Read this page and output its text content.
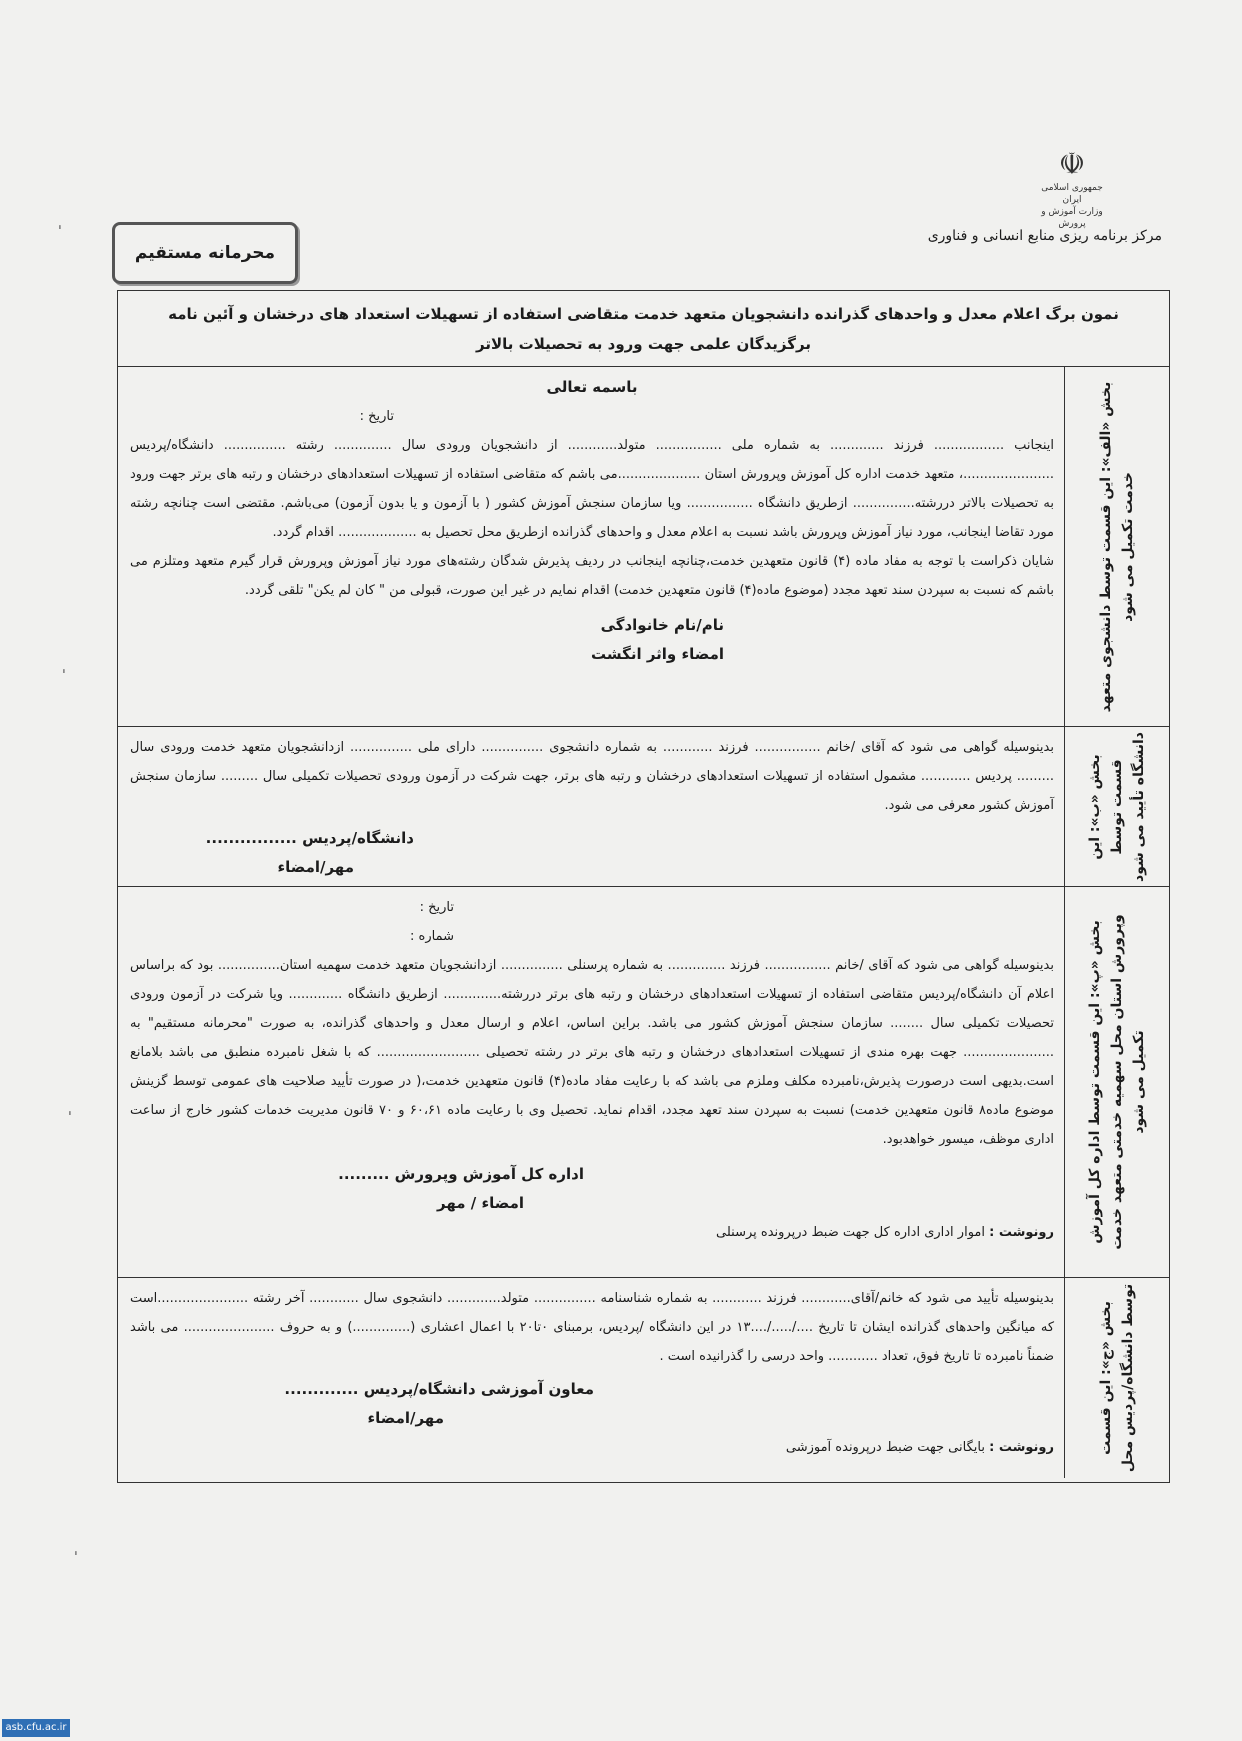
☫
جمهوری اسلامی ایران
وزارت آموزش و پرورش
مرکز برنامه ریزی منابع انسانی و فناوری
محرمانه مستقیم
ˈ
ˈ
ˈ
ˈ
نمون برگ اعلام معدل و واحدهای گذرانده دانشجویان متعهد خدمت متقاضی استفاده از تسهیلات استعداد های درخشان و آئین نامه برگزیدگان علمی جهت ورود به تحصیلات بالاتر
بخش «الف»: این قسمت توسط دانشجوی متعهد خدمت تکمیل می شود

باسمه تعالی

تاریخ :

اینجانب ................. فرزند ............. به شماره ملی ................ متولد............ از دانشجویان ورودی سال .............. رشته ............... دانشگاه/پردیس ......................، متعهد خدمت اداره کل آموزش وپرورش استان ....................می باشم که متقاضی استفاده از تسهیلات استعدادهای درخشان و رتبه های برتر جهت ورود به تحصیلات بالاتر دررشته............... ازطریق دانشگاه ................ ویا سازمان سنجش آموزش کشور ( با آزمون و یا بدون آزمون) می‌باشم. مقتضی است چنانچه رشته مورد تقاضا اینجانب، مورد نیاز آموزش وپرورش باشد نسبت به اعلام معدل و واحدهای گذرانده ازطریق محل تحصیل به ................... اقدام گردد.

شایان ذکراست با توجه به مفاد ماده (۴) قانون متعهدین خدمت،چنانچه اینجانب در ردیف پذیرش شدگان رشته‌های مورد نیاز آموزش وپرورش قرار گیرم متعهد ومتلزم می باشم که نسبت به سپردن سند تعهد مجدد (موضوع ماده(۴) قانون متعهدین خدمت) اقدام نمایم در غیر این صورت، قبولی من " کان لم یکن" تلقی گردد.

نام/نام خانوادگی

امضاء واثر انگشت

بخش «ب»: این قسمت توسط دانشگاه تأیید می شود

بدینوسیله گواهی می شود که آقای /خانم ................ فرزند ............ به شماره دانشجوی ............... دارای ملی ............... ازدانشجویان متعهد خدمت ورودی سال ......... پردیس ............ مشمول استفاده از تسهیلات استعدادهای درخشان و رتبه های برتر، جهت شرکت در آزمون ورودی تحصیلات تکمیلی سال ......... سازمان سنجش آموزش کشور معرفی می شود.

دانشگاه/پردیس ................

مهر/امضاء

بخش «پ»: این قسمت توسط اداره کل آموزش وپرورش استان محل سهمیه خدمتی متعهد خدمت تکمیل می شود

تاریخ :

شماره :

بدینوسیله گواهی می شود که آقای /خانم ................ فرزند .............. به شماره پرسنلی ............... ازدانشجویان متعهد خدمت سهمیه استان............... بود که براساس اعلام آن دانشگاه/پردیس متقاضی استفاده از تسهیلات استعدادهای درخشان و رتبه های برتر دررشته.............. ازطریق دانشگاه ............. ویا شرکت در آزمون ورودی تحصیلات تکمیلی سال ........ سازمان سنجش آموزش کشور می باشد. براین اساس، اعلام و ارسال معدل و واحدهای گذرانده، به صورت "محرمانه مستقیم" به ...................... جهت بهره مندی از تسهیلات استعدادهای درخشان و رتبه های برتر در رشته تحصیلی ......................... که با شغل نامبرده منطبق می باشد بلامانع است.بدیهی است درصورت پذیرش،نامبرده مکلف وملزم می باشد که با رعایت مفاد ماده(۴) قانون متعهدین خدمت،( در صورت تأیید صلاحیت های عمومی توسط گزینش موضوع ماده۸ قانون متعهدین خدمت) نسبت به سپردن سند تعهد مجدد، اقدام نماید. تحصیل وی با رعایت ماده ۶۰،۶۱ و ۷۰ قانون مدیریت خدمات کشور خارج از ساعت اداری موظف، میسور خواهدبود.

اداره کل آموزش وپرورش .........

امضاء / مهر

رونوشت : اموار اداری اداره کل جهت ضبط درپرونده پرسنلی

بخش «ج»: این قسمت توسط دانشگاه/پردیس محل

بدینوسیله تأیید می شود که خانم/آقای............ فرزند ............ به شماره شناسنامه ............... متولد............. دانشجوی سال ............ آخر رشته ......................است که میانگین واحدهای گذرانده ایشان تا تاریخ ..../...../....۱۳ در این دانشگاه /پردیس، برمبنای ۰تا۲۰ با اعمال اعشاری (..............) و به حروف ...................... می باشد ضمناً نامبرده تا تاریخ فوق، تعداد ............ واحد درسی را گذرانیده است .

معاون آموزشی دانشگاه/پردیس .............

مهر/امضاء

رونوشت : بایگانی جهت ضبط درپرونده آموزشی

asb.cfu.ac.ir
